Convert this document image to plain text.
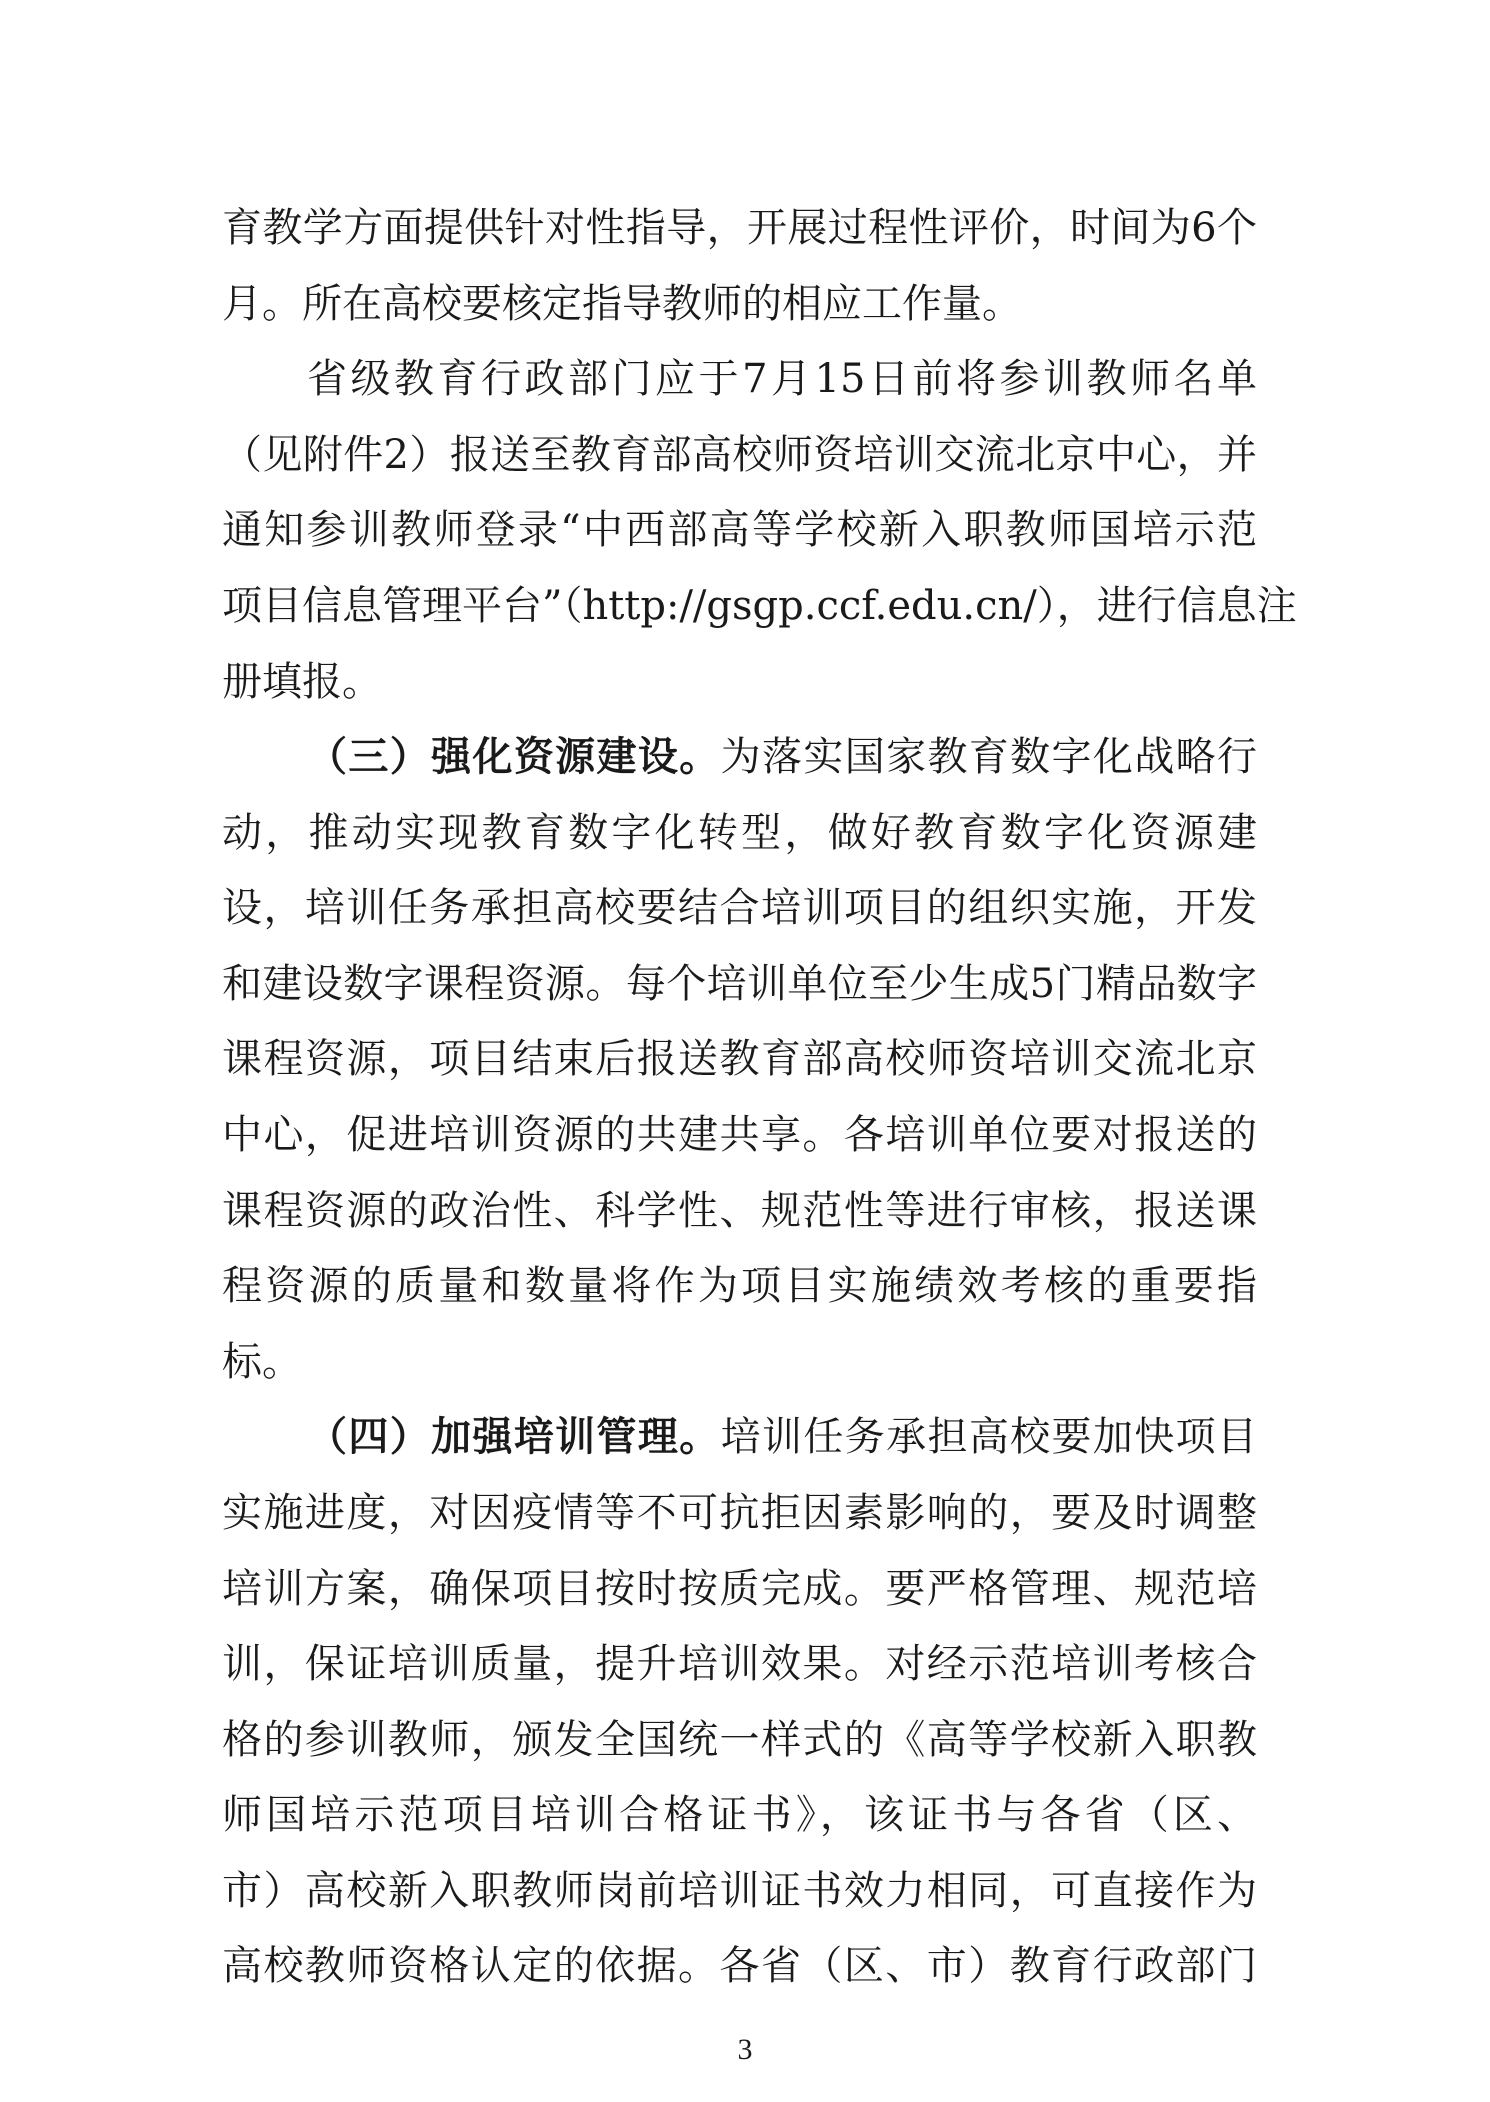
育教学方面提供针对性指导，开展过程性评价，时间为6个
月。所在高校要核定指导教师的相应工作量。
省级教育行政部门应于7月15日前将参训教师名单
（见附件2）报送至教育部高校师资培训交流北京中心，并
通知参训教师登录“中西部高等学校新入职教师国培示范
项目信息管理平台”（http://gsgp.ccf.edu.cn/），进行信息注
册填报。
（三）强化资源建设。为落实国家教育数字化战略行
动，推动实现教育数字化转型，做好教育数字化资源建
设，培训任务承担高校要结合培训项目的组织实施，开发
和建设数字课程资源。每个培训单位至少生成5门精品数字
课程资源，项目结束后报送教育部高校师资培训交流北京
中心，促进培训资源的共建共享。各培训单位要对报送的
课程资源的政治性、科学性、规范性等进行审核，报送课
程资源的质量和数量将作为项目实施绩效考核的重要指
标。
（四）加强培训管理。培训任务承担高校要加快项目
实施进度，对因疫情等不可抗拒因素影响的，要及时调整
培训方案，确保项目按时按质完成。要严格管理、规范培
训，保证培训质量，提升培训效果。对经示范培训考核合
格的参训教师，颁发全国统一样式的《高等学校新入职教
师国培示范项目培训合格证书》，该证书与各省（区、
市）高校新入职教师岗前培训证书效力相同，可直接作为
3
高校教师资格认定的依据。各省（区、市）教育行政部门
